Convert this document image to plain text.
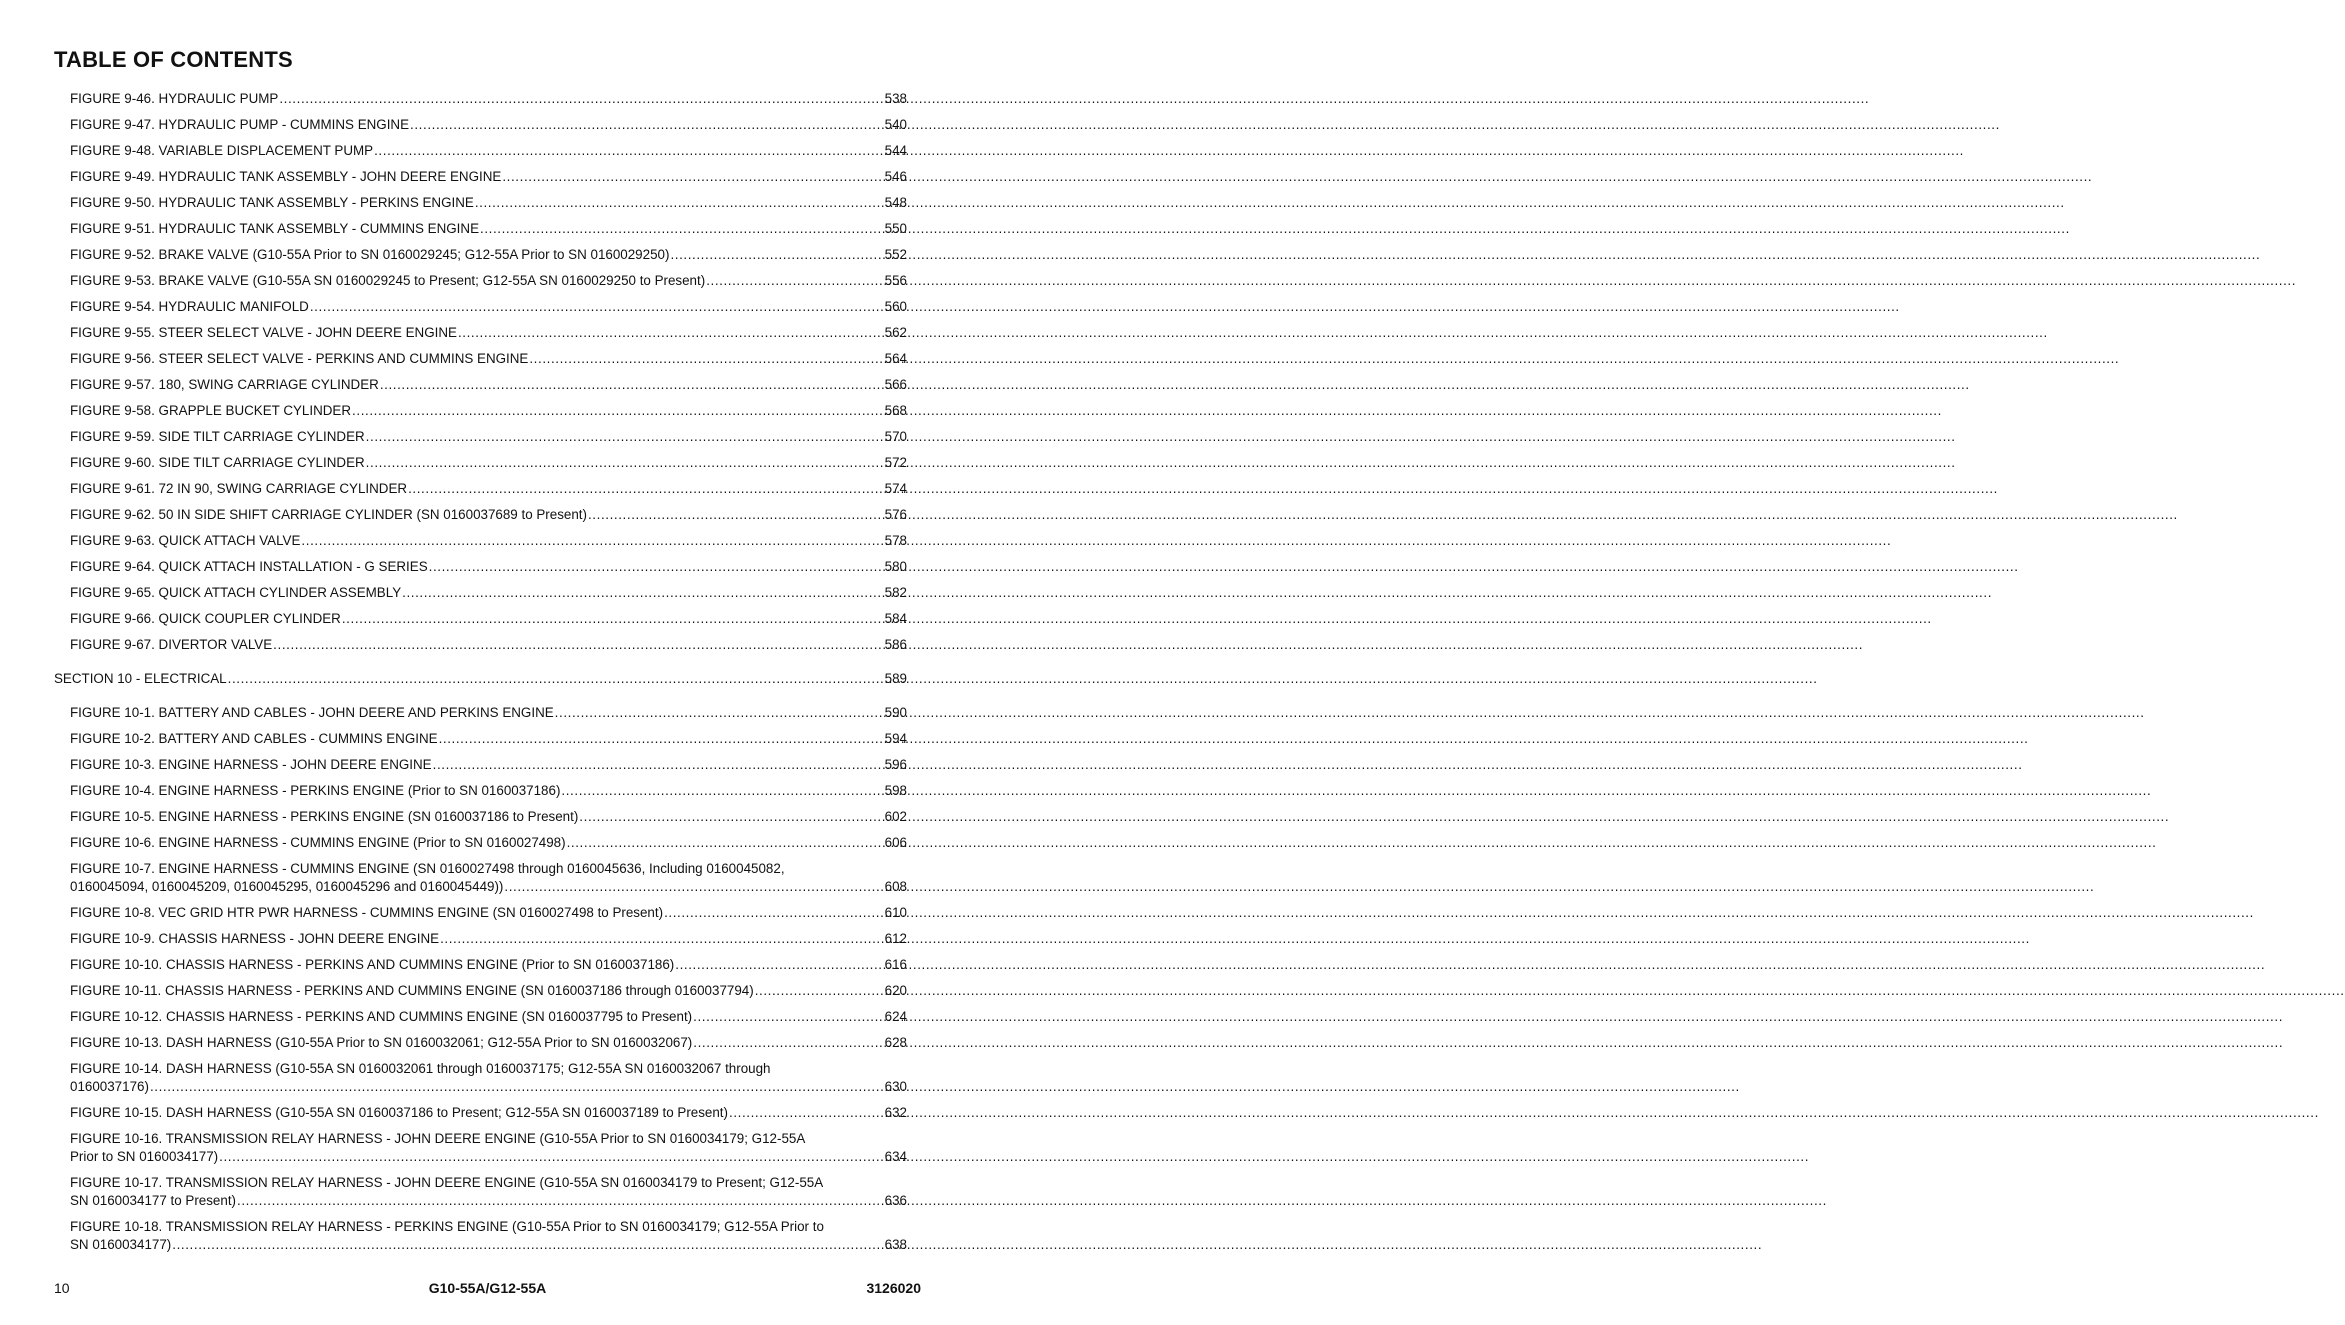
TABLE OF CONTENTS
FIGURE 9-46. HYDRAULIC PUMP .....	538
FIGURE 9-47. HYDRAULIC PUMP - CUMMINS ENGINE .....	540
FIGURE 9-48. VARIABLE DISPLACEMENT PUMP .....	544
FIGURE 9-49. HYDRAULIC TANK ASSEMBLY - JOHN DEERE ENGINE .....	546
FIGURE 9-50. HYDRAULIC TANK ASSEMBLY - PERKINS ENGINE .....	548
FIGURE 9-51. HYDRAULIC TANK ASSEMBLY - CUMMINS ENGINE .....	550
FIGURE 9-52. BRAKE VALVE (G10-55A Prior to SN 0160029245; G12-55A Prior to SN 0160029250) .....	552
FIGURE 9-53. BRAKE VALVE (G10-55A SN 0160029245 to Present; G12-55A SN 0160029250 to Present) .....	556
FIGURE 9-54. HYDRAULIC MANIFOLD .....	560
FIGURE 9-55. STEER SELECT VALVE - JOHN DEERE ENGINE .....	562
FIGURE 9-56. STEER SELECT VALVE - PERKINS AND CUMMINS ENGINE .....	564
FIGURE 9-57. 180, SWING CARRIAGE CYLINDER .....	566
FIGURE 9-58. GRAPPLE BUCKET CYLINDER .....	568
FIGURE 9-59. SIDE TILT CARRIAGE CYLINDER .....	570
FIGURE 9-60. SIDE TILT CARRIAGE CYLINDER .....	572
FIGURE 9-61. 72 IN 90, SWING CARRIAGE CYLINDER .....	574
FIGURE 9-62. 50 IN SIDE SHIFT CARRIAGE CYLINDER (SN 0160037689 to Present) .....	576
FIGURE 9-63. QUICK ATTACH VALVE .....	578
FIGURE 9-64. QUICK ATTACH INSTALLATION - G SERIES .....	580
FIGURE 9-65. QUICK ATTACH CYLINDER ASSEMBLY .....	582
FIGURE 9-66. QUICK COUPLER CYLINDER .....	584
FIGURE 9-67. DIVERTOR VALVE .....	586
SECTION 10 - ELECTRICAL .....	589
FIGURE 10-1. BATTERY AND CABLES - JOHN DEERE AND PERKINS ENGINE .....	590
FIGURE 10-2. BATTERY AND CABLES - CUMMINS ENGINE .....	594
FIGURE 10-3. ENGINE HARNESS - JOHN DEERE ENGINE .....	596
FIGURE 10-4. ENGINE HARNESS - PERKINS ENGINE (Prior to SN 0160037186) .....	598
FIGURE 10-5. ENGINE HARNESS - PERKINS ENGINE (SN 0160037186 to Present) .....	602
FIGURE 10-6. ENGINE HARNESS - CUMMINS ENGINE (Prior to SN 0160027498) .....	606
FIGURE 10-7. ENGINE HARNESS - CUMMINS ENGINE (SN 0160027498 through 0160045636, Including 0160045082,
0160045094, 0160045209, 0160045295, 0160045296 and 0160045449)) .....	608
FIGURE 10-8. VEC GRID HTR PWR HARNESS - CUMMINS ENGINE (SN 0160027498 to Present) .....	610
FIGURE 10-9. CHASSIS HARNESS - JOHN DEERE ENGINE .....	612
FIGURE 10-10. CHASSIS HARNESS - PERKINS AND CUMMINS ENGINE (Prior to SN 0160037186) .....	616
FIGURE 10-11. CHASSIS HARNESS - PERKINS AND CUMMINS ENGINE (SN 0160037186 through 0160037794) .....	620
FIGURE 10-12. CHASSIS HARNESS - PERKINS AND CUMMINS ENGINE (SN 0160037795 to Present) .....	624
FIGURE 10-13. DASH HARNESS (G10-55A Prior to SN 0160032061; G12-55A Prior to SN 0160032067) .....	628
FIGURE 10-14. DASH HARNESS (G10-55A SN 0160032061 through 0160037175; G12-55A SN 0160032067 through
0160037176) .....	630
FIGURE 10-15. DASH HARNESS (G10-55A SN 0160037186 to Present; G12-55A SN 0160037189 to Present) .....	632
FIGURE 10-16. TRANSMISSION RELAY HARNESS - JOHN DEERE ENGINE (G10-55A Prior to SN 0160034179; G12-55A
Prior to SN 0160034177) .....	634
FIGURE 10-17. TRANSMISSION RELAY HARNESS - JOHN DEERE ENGINE (G10-55A SN 0160034179 to Present; G12-55A
SN 0160034177 to Present) .....	636
FIGURE 10-18. TRANSMISSION RELAY HARNESS - PERKINS ENGINE (G10-55A Prior to SN 0160034179; G12-55A Prior to
SN 0160034177) .....	638
10	G10-55A/G12-55A	3126020
